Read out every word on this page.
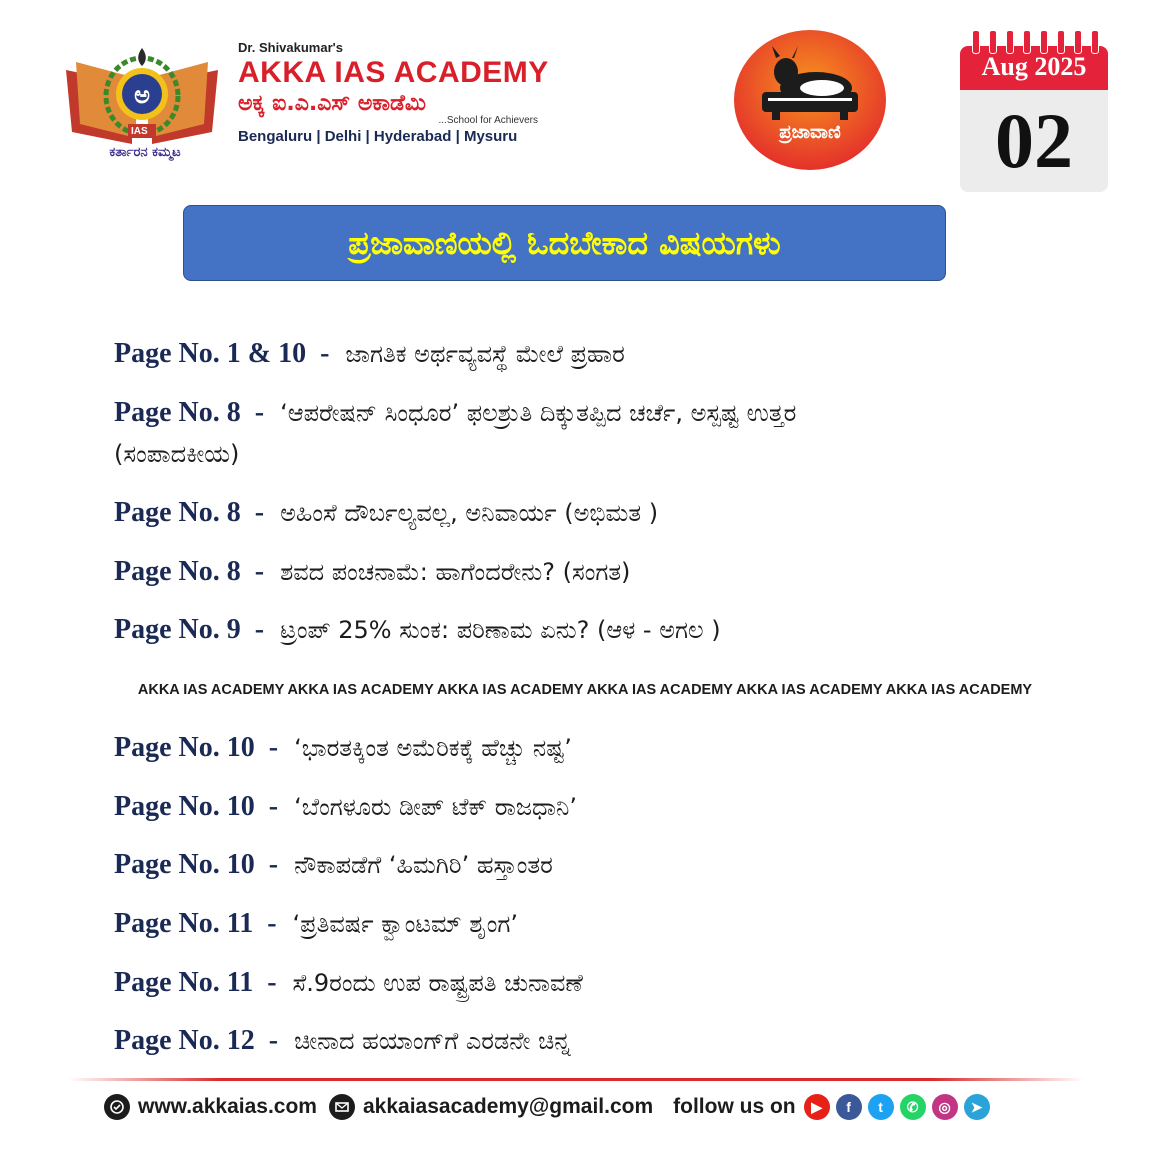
ಅ
IAS
ಕರ್ತಾರನ ಕಮ್ಮಟ
Dr. Shivakumar's
AKKA IAS ACADEMY
ಅಕ್ಕ ಐ.ಎ.ಎಸ್ ಅಕಾಡೆಮಿ
...School for Achievers
Bengaluru | Delhi | Hyderabad | Mysuru	ಪ್ರಜಾವಾಣಿ
Aug 2025
02
ಪ್ರಜಾವಾಣಿಯಲ್ಲಿ ಓದಬೇಕಾದ ವಿಷಯಗಳು
Page No. 1 & 10 - ಜಾಗತಿಕ ಅರ್ಥವ್ಯವಸ್ಥೆ ಮೇಲೆ ಪ್ರಹಾರ
Page No. 8 - ‘ಆಪರೇಷನ್ ಸಿಂಧೂರ’ ಫಲಶ್ರುತಿ ದಿಕ್ಕುತಪ್ಪಿದ ಚರ್ಚೆ, ಅಸ್ಪಷ್ಟ ಉತ್ತರ
(ಸಂಪಾದಕೀಯ)
Page No. 8 - ಅಹಿಂಸೆ ದೌರ್ಬಲ್ಯವಲ್ಲ, ಅನಿವಾರ್ಯ (ಅಭಿಮತ )
Page No. 8 - ಶವದ ಪಂಚನಾಮೆ: ಹಾಗೆಂದರೇನು? (ಸಂಗತ)
Page No. 9 - ಟ್ರಂಪ್ 25% ಸುಂಕ: ಪರಿಣಾಮ ಏನು? (ಆಳ - ಅಗಲ )
AKKA IAS ACADEMY AKKA IAS ACADEMY AKKA IAS ACADEMY AKKA IAS ACADEMY AKKA IAS ACADEMY AKKA IAS ACADEMY
Page No. 10 - ‘ಭಾರತಕ್ಕಿಂತ ಅಮೆರಿಕಕ್ಕೆ ಹೆಚ್ಚು ನಷ್ಟ’
Page No. 10 - ‘ಬೆಂಗಳೂರು ಡೀಪ್ ಟೆಕ್ ರಾಜಧಾನಿ’
Page No. 10 - ನೌಕಾಪಡೆಗೆ ‘ಹಿಮಗಿರಿ’ ಹಸ್ತಾಂತರ
Page No. 11 - ‘ಪ್ರತಿವರ್ಷ ಕ್ವಾಂಟಮ್ ಶೃಂಗ’
Page No. 11 - ಸೆ.9ರಂದು ಉಪ ರಾಷ್ಟ್ರಪತಿ ಚುನಾವಣೆ
Page No. 12 - ಚೀನಾದ ಹಯಾಂಗ್‌ಗೆ ಎರಡನೇ ಚಿನ್ನ
www.akkaias.com akkaiasacademy@gmail.com follow us on	▶	f	t	✆	◎	➤
